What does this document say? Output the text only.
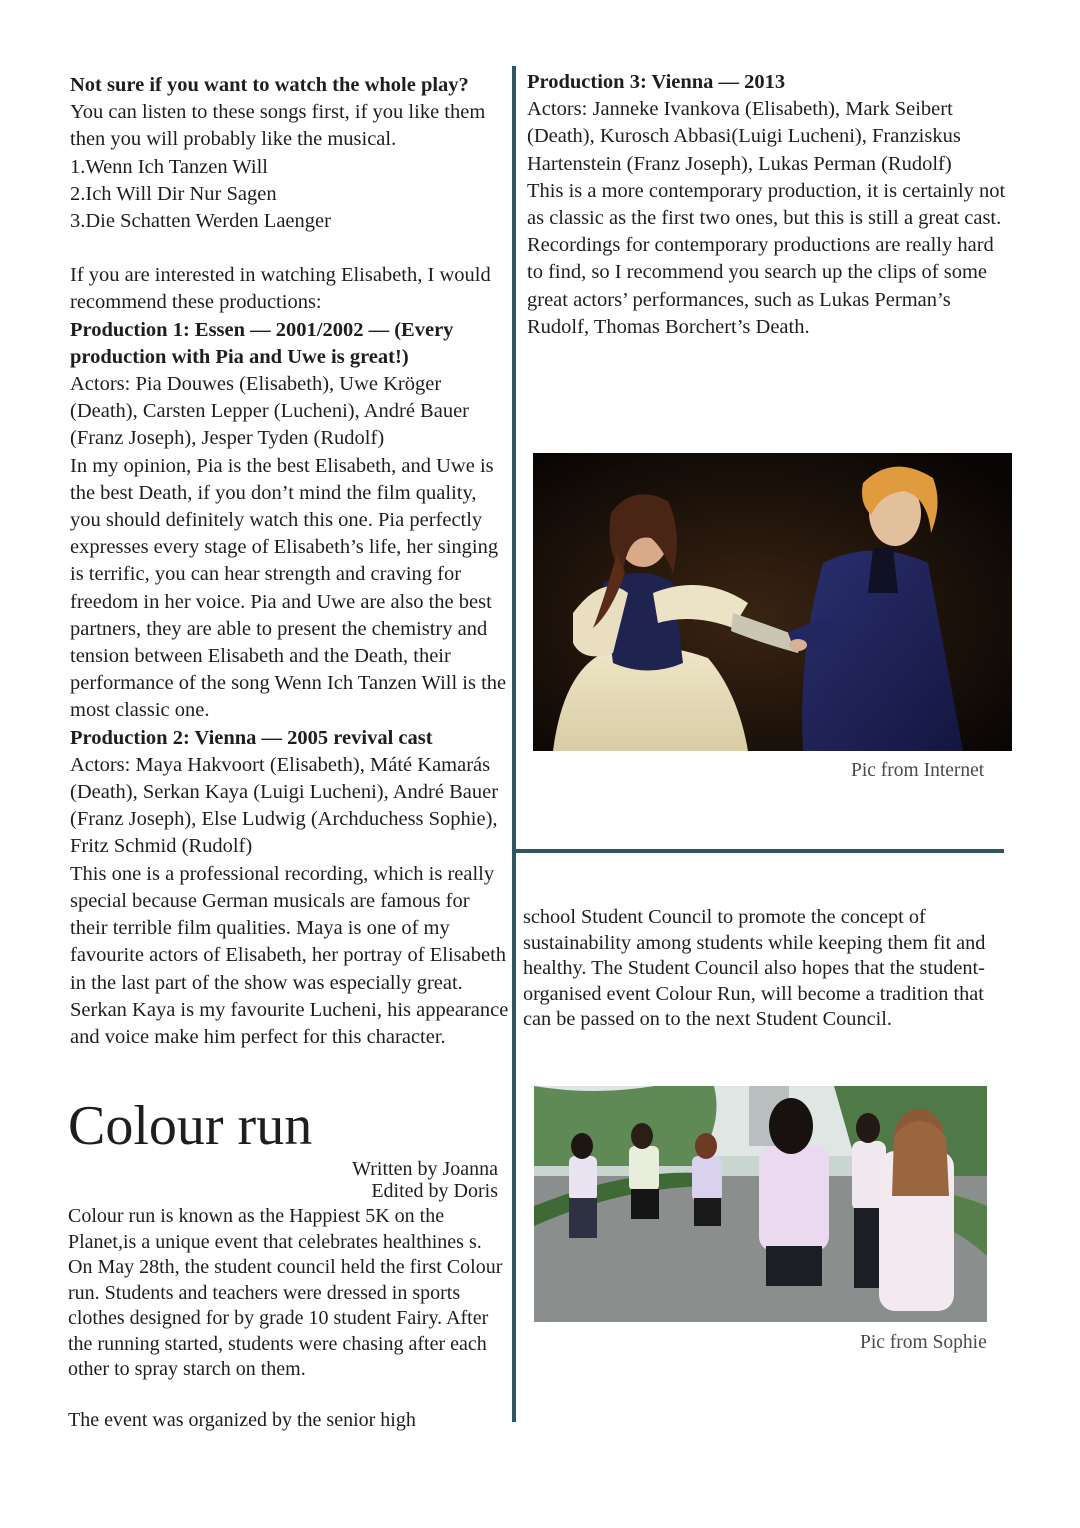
Not sure if you want to watch the whole play?

You can listen to these songs first, if you like them then you will probably like the musical.

1.Wenn Ich Tanzen Will

2.Ich Will Dir Nur Sagen

3.Die Schatten Werden Laenger

If you are interested in watching Elisabeth, I would recommend these productions:

Production 1: Essen — 2001/2002 — (Every production with Pia and Uwe is great!)

Actors: Pia Douwes (Elisabeth), Uwe Kröger (Death), Carsten Lepper (Lucheni), André Bauer (Franz Joseph), Jesper Tyden (Rudolf)

In my opinion, Pia is the best Elisabeth, and Uwe is the best Death, if you don’t mind the film quality, you should definitely watch this one. Pia perfectly expresses every stage of Elisabeth’s life, her singing is terrific, you can hear strength and craving for freedom in her voice. Pia and Uwe are also the best partners, they are able to present the chemistry and tension between Elisabeth and the Death, their performance of the song Wenn Ich Tanzen Will is the most classic one.

Production 2: Vienna — 2005 revival cast

Actors: Maya Hakvoort (Elisabeth), Máté Kamarás (Death), Serkan Kaya (Luigi Lucheni), André Bauer (Franz Joseph), Else Ludwig (Archduchess Sophie), Fritz Schmid (Rudolf)

This one is a professional recording, which is really special because German musicals are famous for their terrible film qualities. Maya is one of my favourite actors of Elisabeth, her portray of Elisabeth in the last part of the show was especially great. Serkan Kaya is my favourite Lucheni, his appearance and voice make him perfect for this character.

Colour run
Written by Joanna
Edited by Doris

Colour run is known as the Happiest 5K on the Planet,is a unique event that celebrates healthines s. On May 28th, the student council held the first Colour run. Students and teachers were dressed in sports clothes designed for by grade 10 student Fairy. After the running started, students were chasing after each other to spray starch on them.

The event was organized by the senior high

Production 3: Vienna — 2013

Actors: Janneke Ivankova (Elisabeth), Mark Seibert (Death), Kurosch Abbasi(Luigi Lucheni), Franziskus Hartenstein (Franz Joseph), Lukas Perman (Rudolf)

This is a more contemporary production, it is certainly not as classic as the first two ones, but this is still a great cast.

Recordings for contemporary productions are really hard to find, so I recommend you search up the clips of some great actors’ performances, such as Lukas Perman’s Rudolf, Thomas Borchert’s Death.

Pic from Internet

school Student Council to promote the concept of sustainability among students while keeping them fit and healthy. The Student Council also hopes that the student-organised event Colour Run, will become a tradition that can be passed on to the next Student Council.

Pic from Sophie
